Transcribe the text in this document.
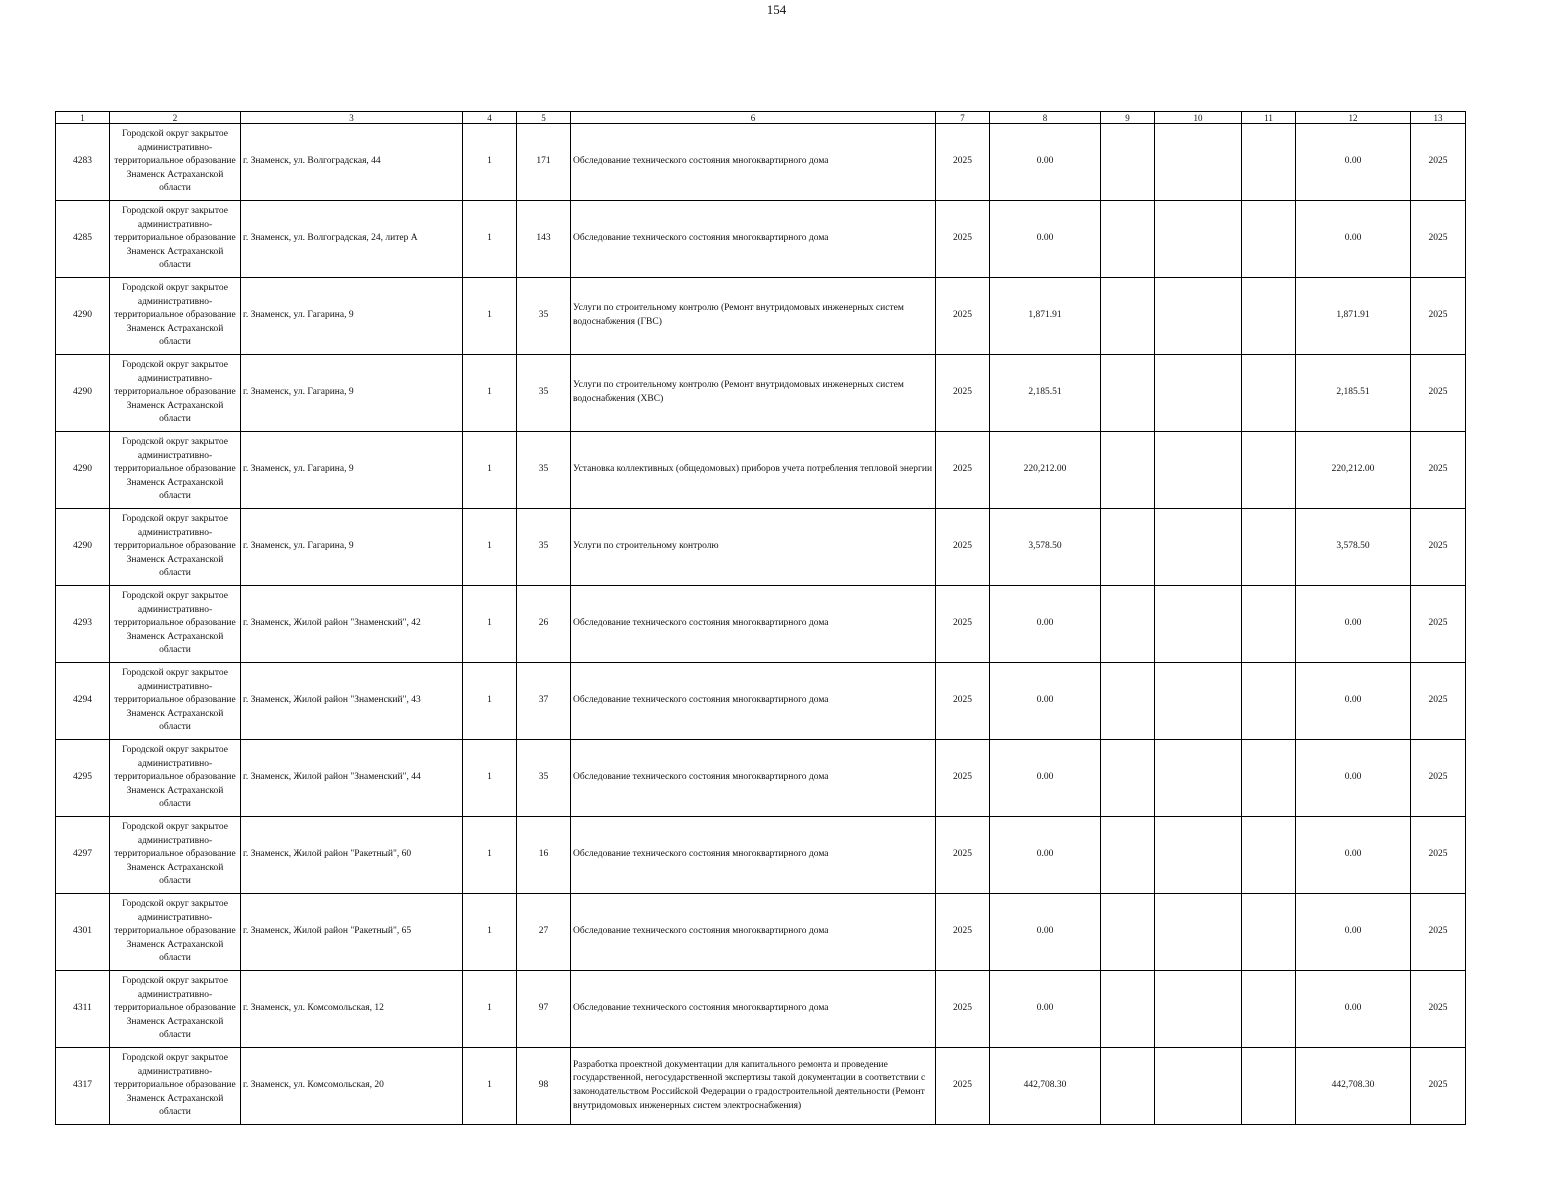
154
1	2	3	4	5	6	7	8	9	10	11	12	13
4283	Городской округ закрытое административно-территориальное образование Знаменск Астраханской области	г. Знаменск, ул. Волгоградская, 44	1	171	Обследование технического состояния многоквартирного дома	2025	0.00				0.00	2025
4285	Городской округ закрытое административно-территориальное образование Знаменск Астраханской области	г. Знаменск, ул. Волгоградская, 24, литер А	1	143	Обследование технического состояния многоквартирного дома	2025	0.00				0.00	2025
4290	Городской округ закрытое административно-территориальное образование Знаменск Астраханской области	г. Знаменск, ул. Гагарина, 9	1	35	Услуги по строительному контролю (Ремонт внутридомовых инженерных систем водоснабжения (ГВС)	2025	1,871.91				1,871.91	2025
4290	Городской округ закрытое административно-территориальное образование Знаменск Астраханской области	г. Знаменск, ул. Гагарина, 9	1	35	Услуги по строительному контролю (Ремонт внутридомовых инженерных систем водоснабжения (ХВС)	2025	2,185.51				2,185.51	2025
4290	Городской округ закрытое административно-территориальное образование Знаменск Астраханской области	г. Знаменск, ул. Гагарина, 9	1	35	Установка коллективных (общедомовых) приборов учета потребления тепловой энергии	2025	220,212.00				220,212.00	2025
4290	Городской округ закрытое административно-территориальное образование Знаменск Астраханской области	г. Знаменск, ул. Гагарина, 9	1	35	Услуги по строительному контролю	2025	3,578.50				3,578.50	2025
4293	Городской округ закрытое административно-территориальное образование Знаменск Астраханской области	г. Знаменск, Жилой район "Знаменский", 42	1	26	Обследование технического состояния многоквартирного дома	2025	0.00				0.00	2025
4294	Городской округ закрытое административно-территориальное образование Знаменск Астраханской области	г. Знаменск, Жилой район "Знаменский", 43	1	37	Обследование технического состояния многоквартирного дома	2025	0.00				0.00	2025
4295	Городской округ закрытое административно-территориальное образование Знаменск Астраханской области	г. Знаменск, Жилой район "Знаменский", 44	1	35	Обследование технического состояния многоквартирного дома	2025	0.00				0.00	2025
4297	Городской округ закрытое административно-территориальное образование Знаменск Астраханской области	г. Знаменск, Жилой район "Ракетный", 60	1	16	Обследование технического состояния многоквартирного дома	2025	0.00				0.00	2025
4301	Городской округ закрытое административно-территориальное образование Знаменск Астраханской области	г. Знаменск, Жилой район "Ракетный", 65	1	27	Обследование технического состояния многоквартирного дома	2025	0.00				0.00	2025
4311	Городской округ закрытое административно-территориальное образование Знаменск Астраханской области	г. Знаменск, ул. Комсомольская, 12	1	97	Обследование технического состояния многоквартирного дома	2025	0.00				0.00	2025
4317	Городской округ закрытое административно-территориальное образование Знаменск Астраханской области	г. Знаменск, ул. Комсомольская, 20	1	98	Разработка проектной документации для капитального ремонта и проведение государственной, негосударственной экспертизы такой документации в соответствии с законодательством Российской Федерации о градостроительной деятельности (Ремонт внутридомовых инженерных систем электроснабжения)	2025	442,708.30				442,708.30	2025
